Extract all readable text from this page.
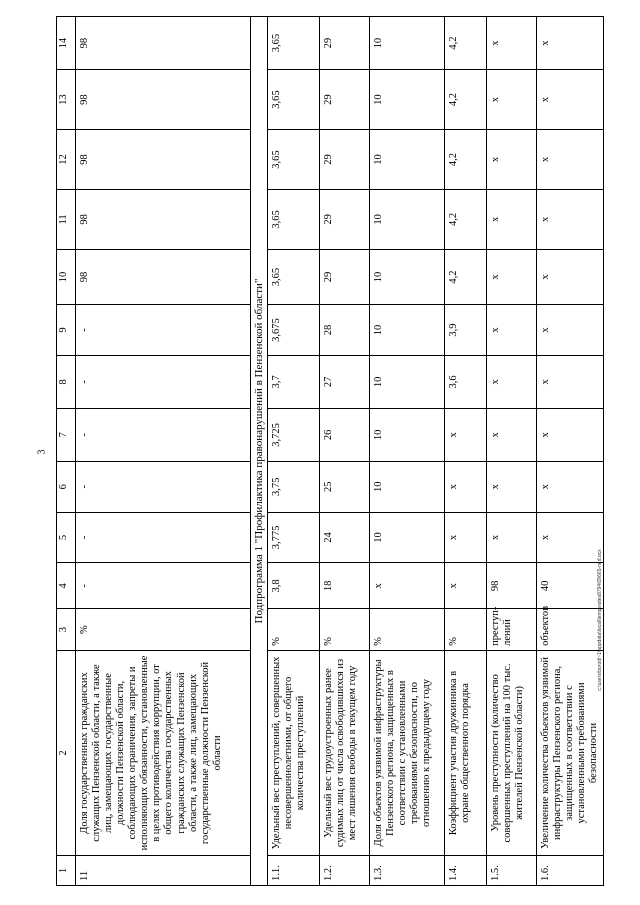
3
1	2	3	4	5	6	7	8	9	10	11	12	13	14
11	Доля государственных гражданских служащих Пензенской области, а также лиц, замещающих государственные должности Пензенской области, соблюдающих ограничения, запреты и исполняющих обязанности, установленные в целях противодействия коррупции, от общего количества государственных гражданских служащих Пензенской области, а также лиц, замещающих государственные должности Пензенской области	%	-	-	-	-	-	-	98	98	98	98	98
Подпрограмма 1 "Профилактика правонарушений в Пензенской области"													
1.1.	Удельный вес преступлений, совершенных несовершеннолетними, от общего количества преступлений	%	3,8	3,775	3,75	3,725	3,7	3,675	3,65	3,65	3,65	3,65	3,65
1.2.	Удельный вес трудоустроенных ранее судимых лиц от числа освободившихся из мест лишения свободы в текущем году	%	18	24	25	26	27	28	29	29	29	29	29
1.3.	Доля объектов уязвимой инфраструктуры Пензенского региона, защищенных в соответствии с установленными требованиями безопасности, по отношению к предыдущему году	%	x	10	10	10	10	10	10	10	10	10	10
1.4.	Коэффициент участия дружинника в охране общественного порядка	%	x	x	x	x	3,6	3,9	4,2	4,2	4,2	4,2	4,2
1.5.	Уровень преступности (количество совершенных преступлений на 100 тыс. жителей Пензенской области)	преступ-лений	98	x	x	x	x	x	x	x	x	x	x
1.6.	Увеличение количества объектов уязвимой инфраструктуры Пензенского региона, защищенных в соответствии с установленными требованиями безопасности	объектов	40	x	x	x	x	x	x	x	x	x	x
c:\users\borodi~1\appdata\local\temp\notes879469\665-m.d.ocx
